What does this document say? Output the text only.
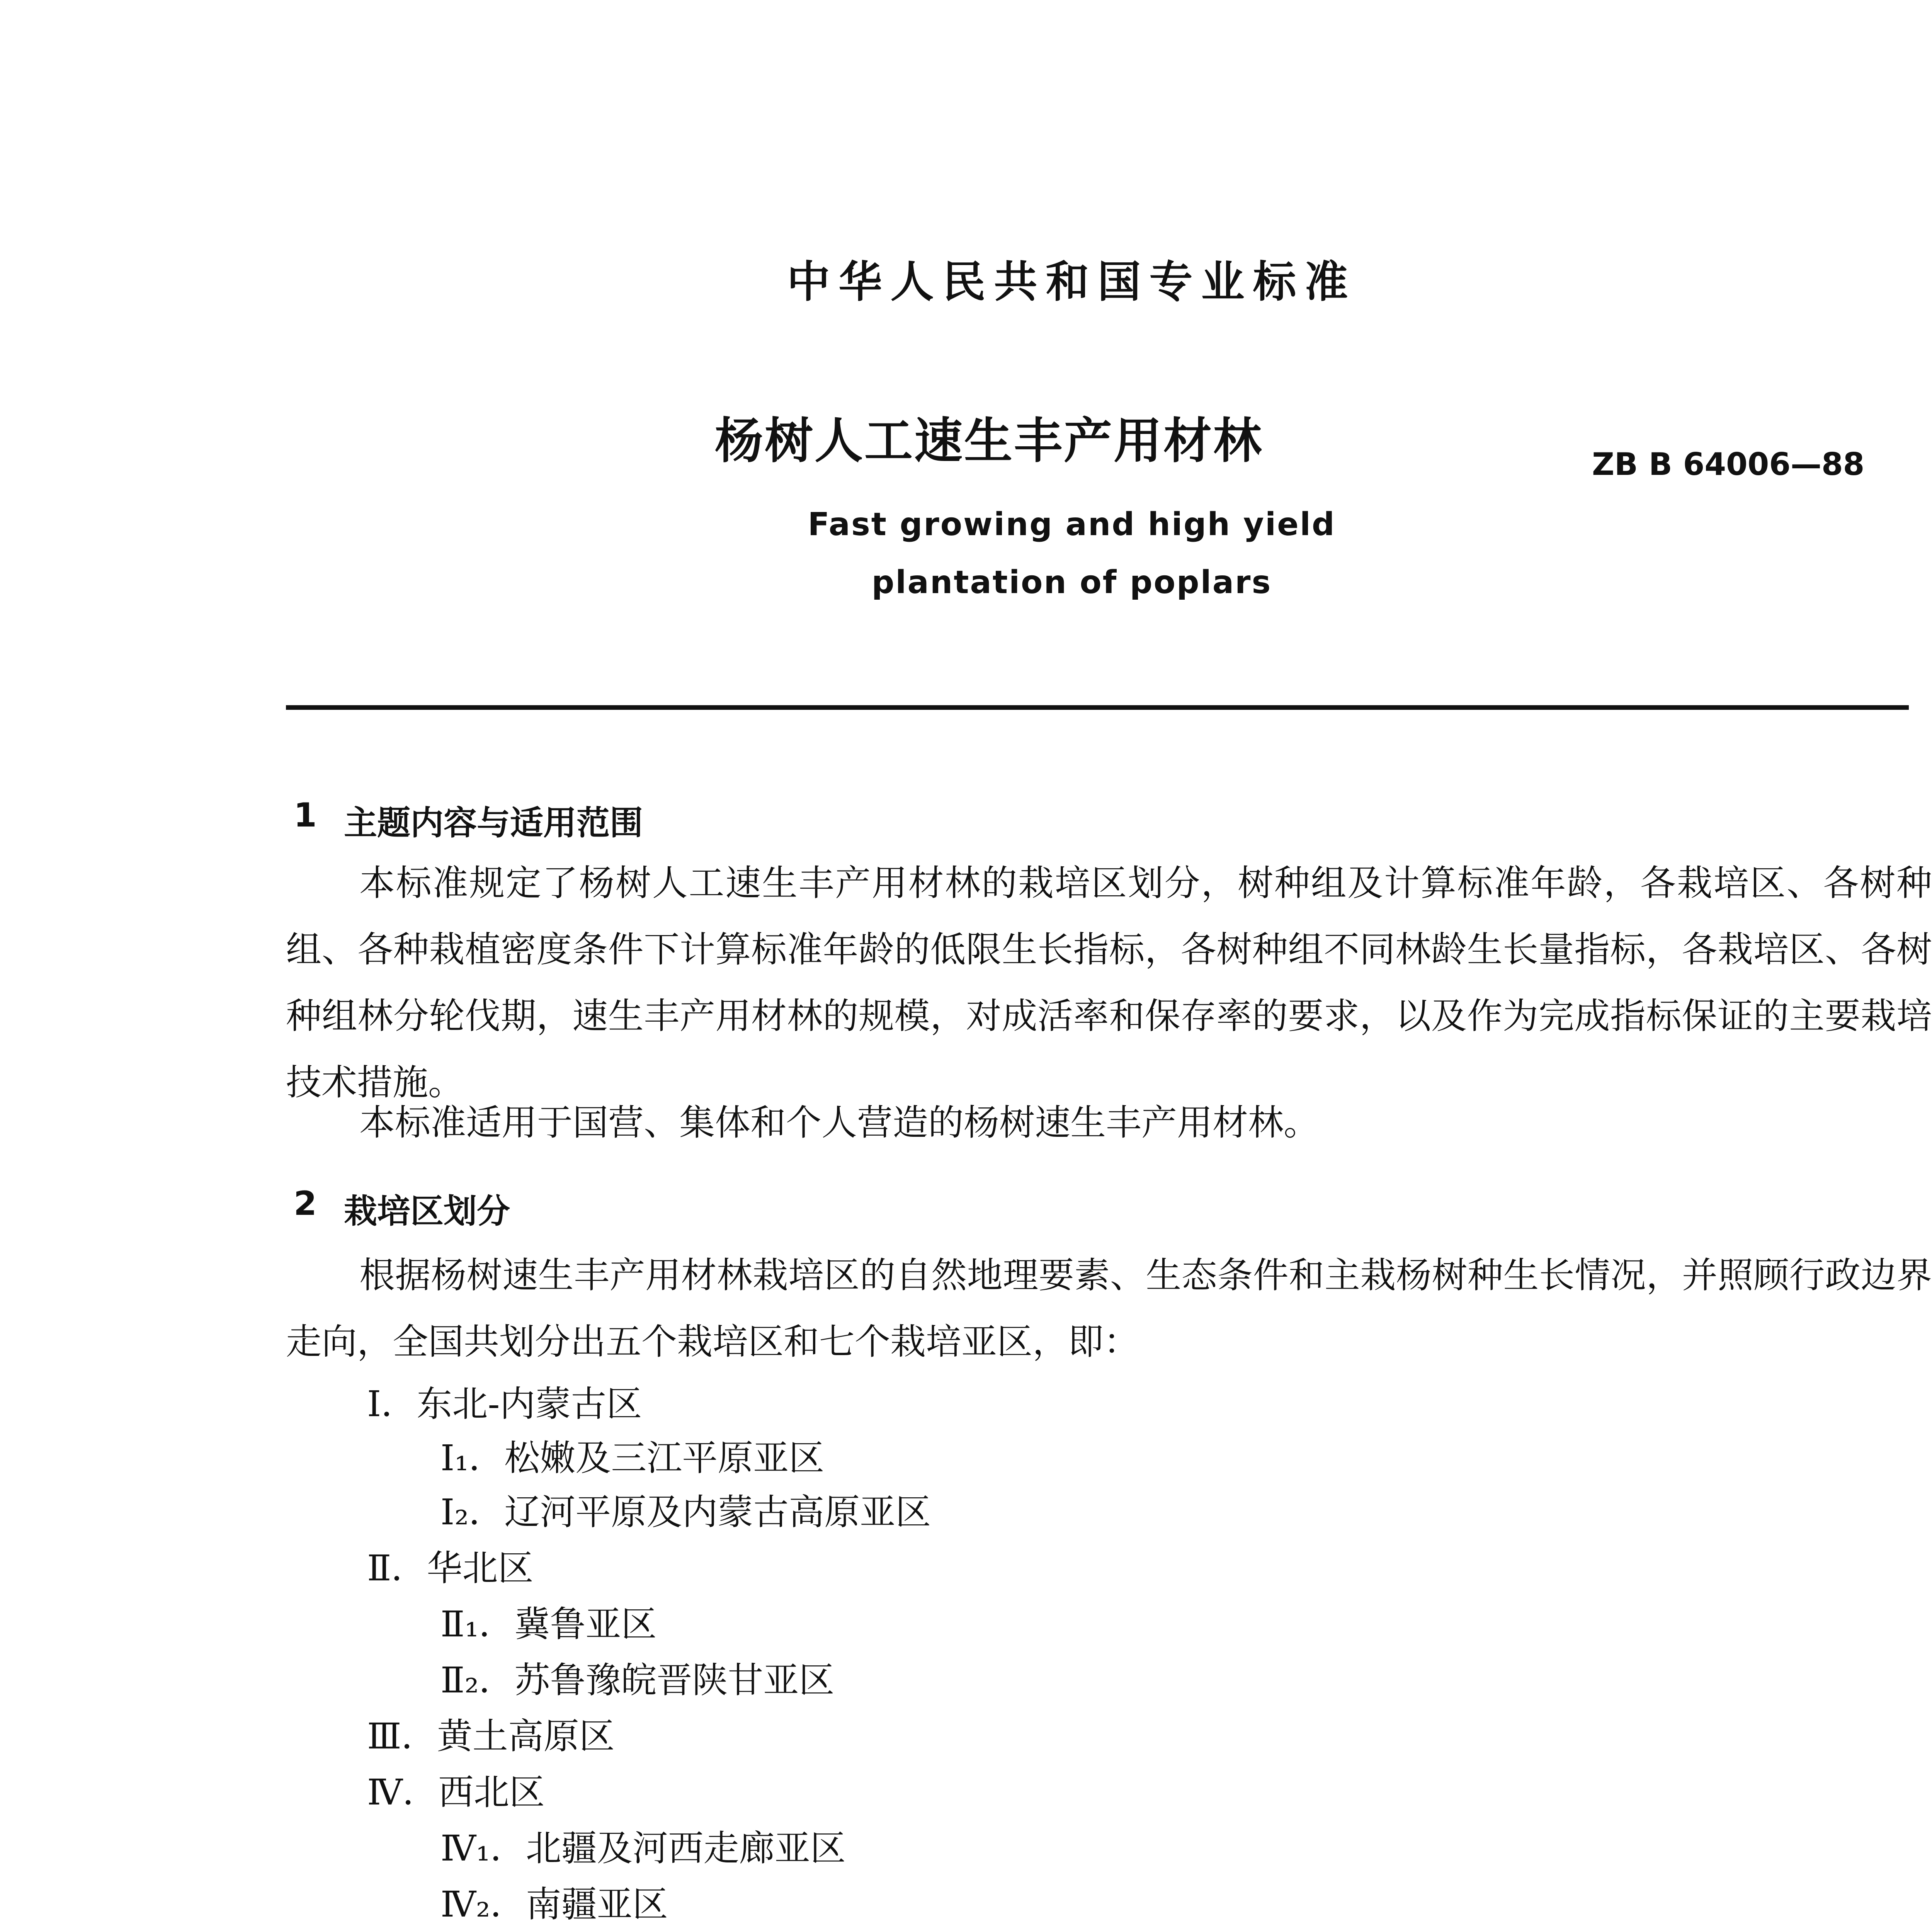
中华人民共和国专业标准
杨树人工速生丰产用材林	ZB B 64006—88
Fast growing and high yield
plantation of poplars
1 主题内容与适用范围
本标准规定了杨树人工速生丰产用材林的栽培区划分，树种组及计算标准年龄，各栽培区、各树种组、各种栽植密度条件下计算标准年龄的低限生长指标，各树种组不同林龄生长量指标，各栽培区、各树种组林分轮伐期，速生丰产用材林的规模，对成活率和保存率的要求，以及作为完成指标保证的主要栽培技术措施。
本标准适用于国营、集体和个人营造的杨树速生丰产用材林。
2 栽培区划分
根据杨树速生丰产用材林栽培区的自然地理要素、生态条件和主栽杨树种生长情况，并照顾行政边界走向，全国共划分出五个栽培区和七个栽培亚区，即：
Ⅰ．东北-内蒙古区
Ⅰ₁．松嫩及三江平原亚区
Ⅰ₂．辽河平原及内蒙古高原亚区
Ⅱ．华北区
Ⅱ₁．冀鲁亚区
Ⅱ₂．苏鲁豫皖晋陕甘亚区
Ⅲ．黄土高原区
Ⅳ．西北区
Ⅳ₁．北疆及河西走廊亚区
Ⅳ₂．南疆亚区
